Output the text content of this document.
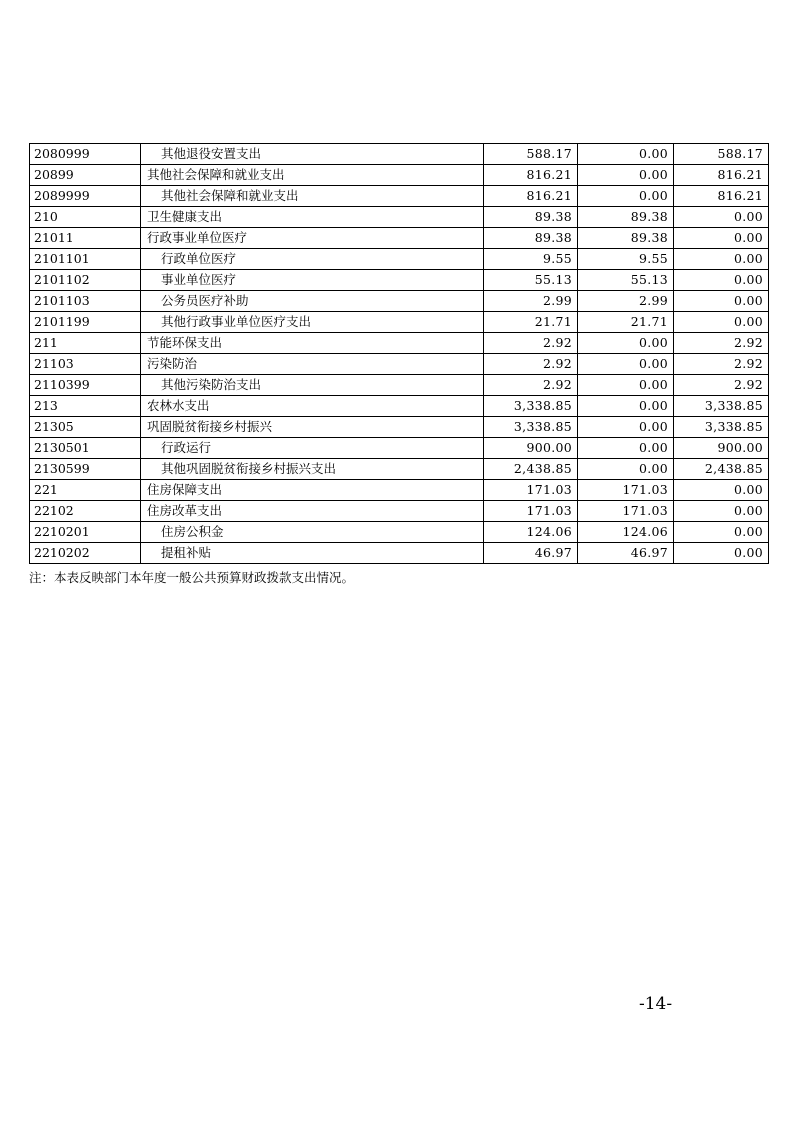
2080999	其他退役安置支出	588.17	0.00	588.17
20899	其他社会保障和就业支出	816.21	0.00	816.21
2089999	其他社会保障和就业支出	816.21	0.00	816.21
210	卫生健康支出	89.38	89.38	0.00
21011	行政事业单位医疗	89.38	89.38	0.00
2101101	行政单位医疗	9.55	9.55	0.00
2101102	事业单位医疗	55.13	55.13	0.00
2101103	公务员医疗补助	2.99	2.99	0.00
2101199	其他行政事业单位医疗支出	21.71	21.71	0.00
211	节能环保支出	2.92	0.00	2.92
21103	污染防治	2.92	0.00	2.92
2110399	其他污染防治支出	2.92	0.00	2.92
213	农林水支出	3,338.85	0.00	3,338.85
21305	巩固脱贫衔接乡村振兴	3,338.85	0.00	3,338.85
2130501	行政运行	900.00	0.00	900.00
2130599	其他巩固脱贫衔接乡村振兴支出	2,438.85	0.00	2,438.85
221	住房保障支出	171.03	171.03	0.00
22102	住房改革支出	171.03	171.03	0.00
2210201	住房公积金	124.06	124.06	0.00
2210202	提租补贴	46.97	46.97	0.00
注：本表反映部门本年度一般公共预算财政拨款支出情况。
-14-
